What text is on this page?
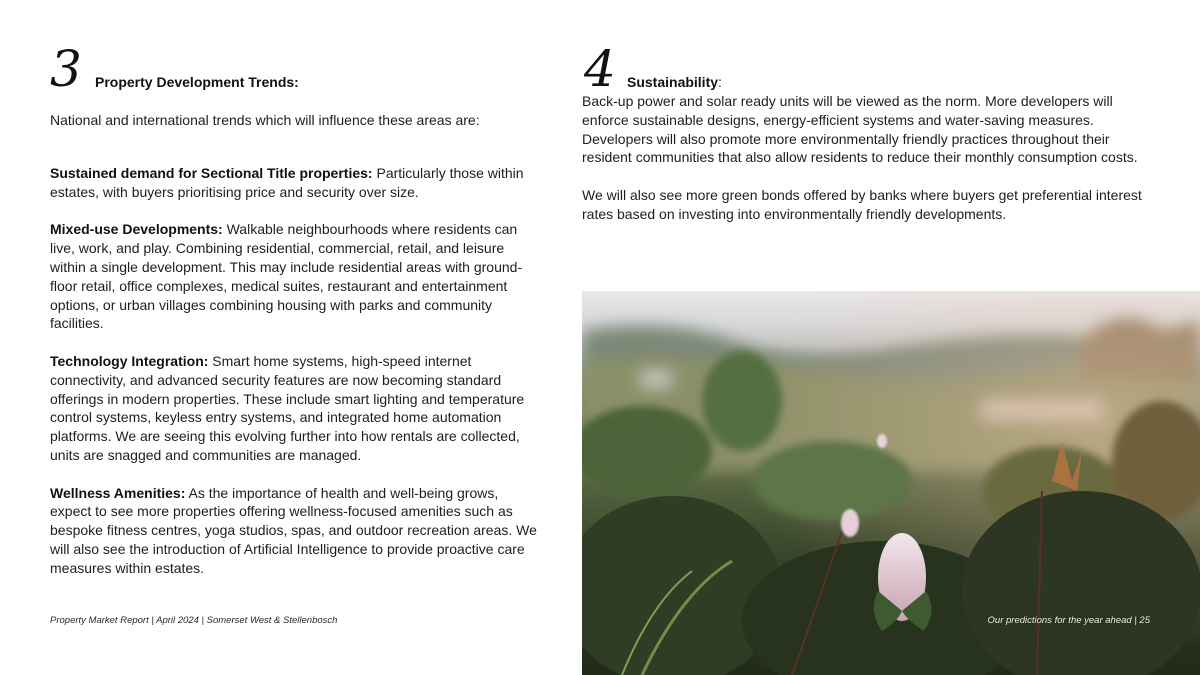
3 Property Development Trends:
National and international trends which will influence these areas are:

Sustained demand for Sectional Title properties: Particularly those within estates, with buyers prioritising price and security over size.

Mixed-use Developments: Walkable neighbourhoods where residents can live, work, and play. Combining residential, commercial, retail, and leisure within a single development. This may include residential areas with ground-floor retail, office complexes, medical suites, restaurant and entertainment options, or urban villages combining housing with parks and community facilities.

Technology Integration: Smart home systems, high-speed internet connectivity, and advanced security features are now becoming standard offerings in modern properties. These include smart lighting and temperature control systems, keyless entry systems, and integrated home automation platforms. We are seeing this evolving further into how rentals are collected, units are snagged and communities are managed.

Wellness Amenities: As the importance of health and well-being grows, expect to see more properties offering wellness-focused amenities such as bespoke fitness centres, yoga studios, spas, and outdoor recreation areas. We will also see the introduction of Artificial Intelligence to provide proactive care measures within estates.

4 Sustainability:

Back-up power and solar ready units will be viewed as the norm. More developers will enforce sustainable designs, energy-efficient systems and water-saving measures. Developers will also promote more environmentally friendly practices throughout their resident communities that also allow residents to reduce their monthly consumption costs.

We will also see more green bonds offered by banks where buyers get preferential interest rates based on investing into environmentally friendly developments.

Property Market Report | April 2024 | Somerset West & Stellenbosch	Our predictions for the year ahead | 25
